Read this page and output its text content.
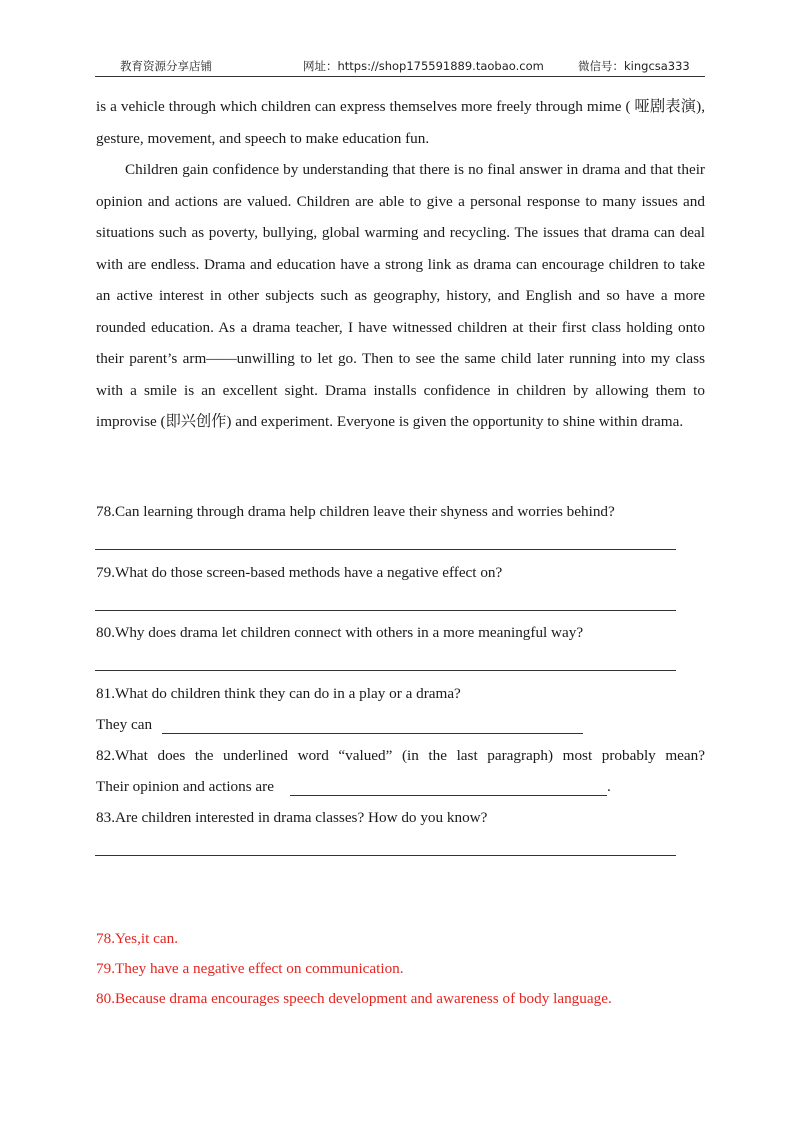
教育资源分享店铺	网址：https://shop175591889.taobao.com	微信号：kingcsa333
is a vehicle through which children can express themselves more freely through mime ( 哑剧表演), gesture, movement, and speech to make education fun.
Children gain confidence by understanding that there is no final answer in drama and that their opinion and actions are valued. Children are able to give a personal response to many issues and situations such as poverty, bullying, global warming and recycling. The issues that drama can deal with are endless. Drama and education have a strong link as drama can encourage children to take an active interest in other subjects such as geography, history, and English and so have a more rounded education. As a drama teacher, I have witnessed children at their first class holding onto their parent’s arm——unwilling to let go. Then to see the same child later running into my class with a smile is an excellent sight. Drama installs confidence in children by allowing them to improvise (即兴创作) and experiment. Everyone is given the opportunity to shine within drama.
78.Can learning through drama help children leave their shyness and worries behind?
79.What do those screen-based methods have a negative effect on?
80.Why does drama let children connect with others in a more meaningful way?
81.What do children think they can do in a play or a drama?
They can
82.What does the underlined word “valued” (in the last paragraph) most probably mean?
Their opinion and actions are	.
83.Are children interested in drama classes? How do you know?
78.Yes,it can.
79.They have a negative effect on communication.
80.Because drama encourages speech development and awareness of body language.
